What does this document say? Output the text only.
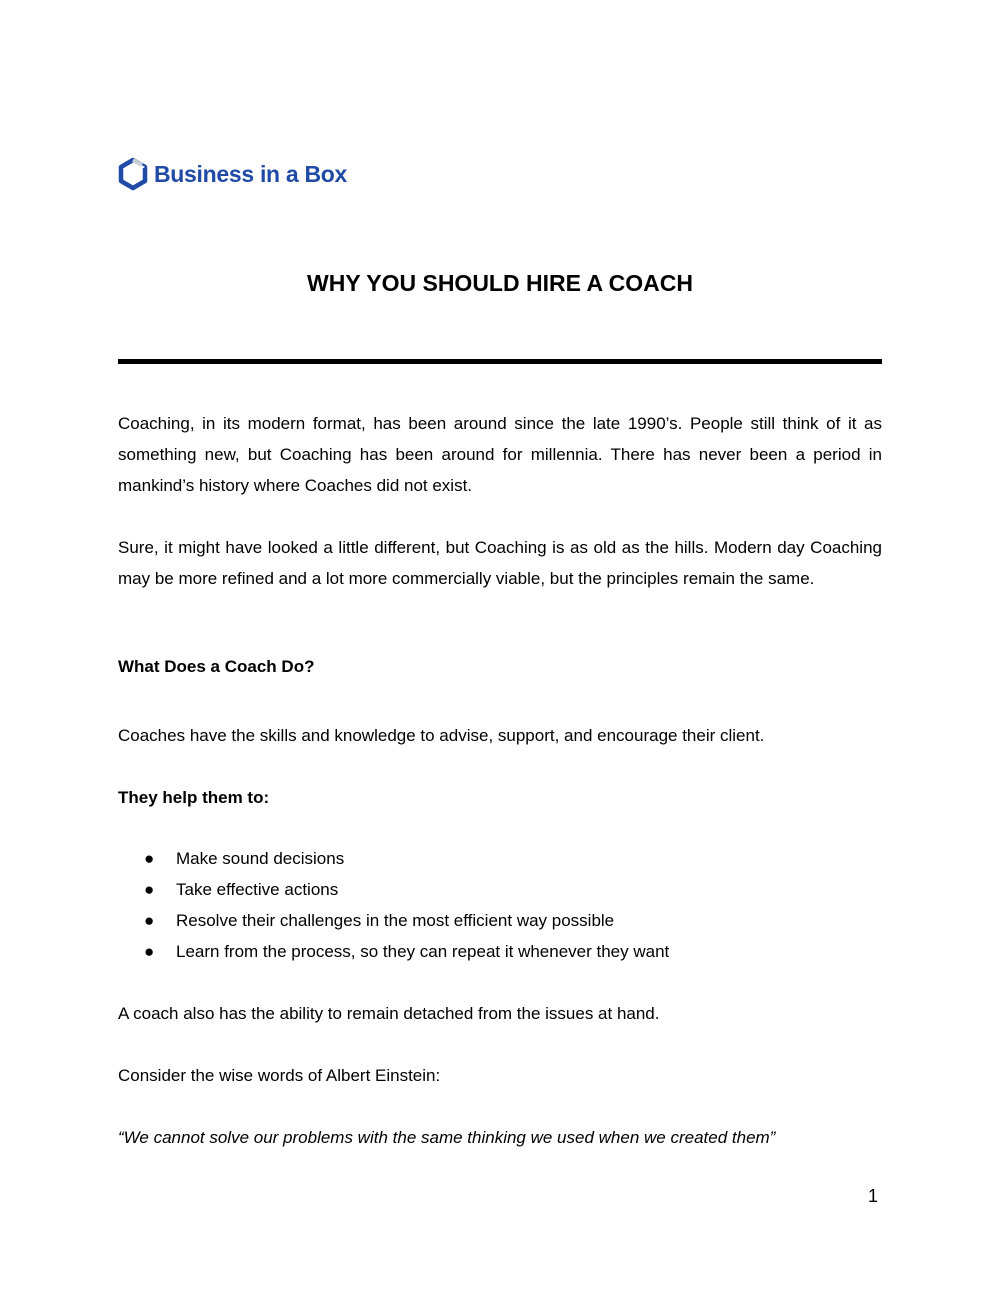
Business in a Box
WHY YOU SHOULD HIRE A COACH

Coaching, in its modern format, has been around since the late 1990’s. People still think of it as something new, but Coaching has been around for millennia. There has never been a period in mankind’s history where Coaches did not exist.

Sure, it might have looked a little different, but Coaching is as old as the hills. Modern day Coaching may be more refined and a lot more commercially viable, but the principles remain the same.

What Does a Coach Do?

Coaches have the skills and knowledge to advise, support, and encourage their client.

They help them to:

● Make sound decisions
● Take effective actions
● Resolve their challenges in the most efficient way possible
● Learn from the process, so they can repeat it whenever they want

A coach also has the ability to remain detached from the issues at hand.

Consider the wise words of Albert Einstein:

“We cannot solve our problems with the same thinking we used when we created them”

1
